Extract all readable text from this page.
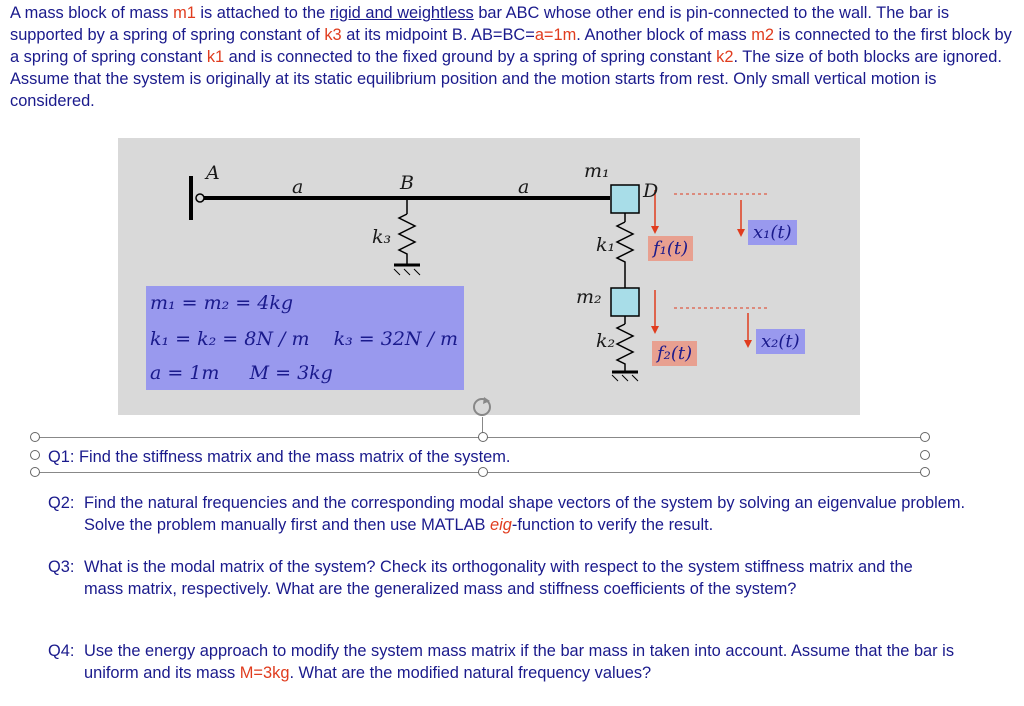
A mass block of mass m1 is attached to the rigid and weightless bar ABC whose other end is pin-connected to the wall. The bar is supported by a spring of spring constant of k3 at its midpoint B. AB=BC=a=1m. Another block of mass m2 is connected to the first block by a spring of spring constant k1 and is connected to the fixed ground by a spring of spring constant k2. The size of both blocks are ignored. Assume that the system is originally at its static equilibrium position and the motion starts from rest. Only small vertical motion is considered.

A
a	B	a
m₁
D
k₃	k₁
m₂
k₂
f₁(t)
f₂(t)
x₁(t)
x₂(t)
m₁ = m₂ = 4kg
k₁ = k₂ = 8N / m    k₃ = 32N / m
a = 1m     M = 3kg
Q1: Find the stiffness matrix and the mass matrix of the system.
Q2: Find the natural frequencies and the corresponding modal shape vectors of the system by solving an eigenvalue problem. Solve the problem manually first and then use MATLAB eig-function to verify the result.
Q3: What is the modal matrix of the system? Check its orthogonality with respect to the system stiffness matrix and the mass matrix, respectively. What are the generalized mass and stiffness coefficients of the system?
Q4: Use the energy approach to modify the system mass matrix if the bar mass in taken into account. Assume that the bar is uniform and its mass M=3kg. What are the modified natural frequency values?
